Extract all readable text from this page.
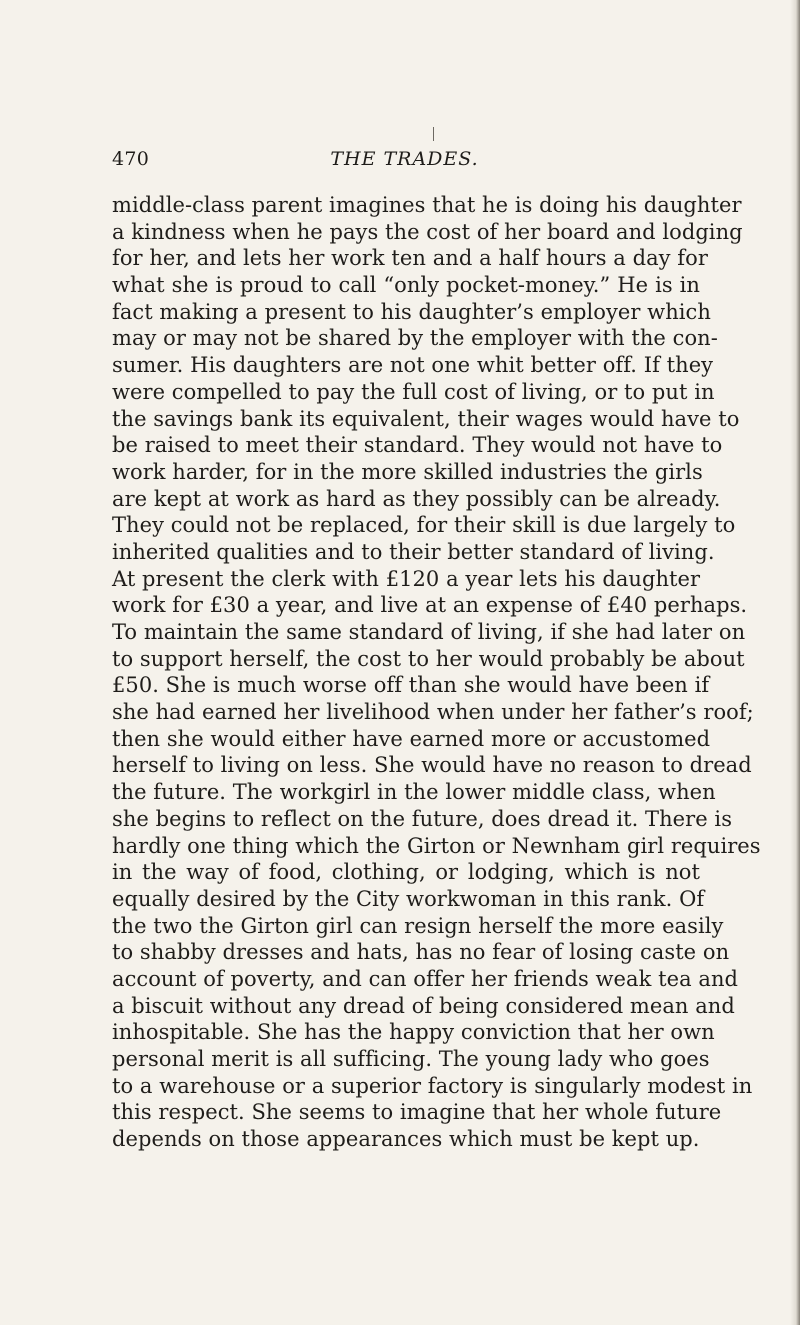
470	THE TRADES.
middle-class parent imagines that he is doing his daughter
a kindness when he pays the cost of her board and lodging
for her, and lets her work ten and a half hours a day for
what she is proud to call “only pocket-money.” He is in
fact making a present to his daughter’s employer which
may or may not be shared by the employer with the con-
sumer. His daughters are not one whit better off. If they
were compelled to pay the full cost of living, or to put in
the savings bank its equivalent, their wages would have to
be raised to meet their standard. They would not have to
work harder, for in the more skilled industries the girls
are kept at work as hard as they possibly can be already.
They could not be replaced, for their skill is due largely to
inherited qualities and to their better standard of living.
At present the clerk with £120 a year lets his daughter
work for £30 a year, and live at an expense of £40 perhaps.
To maintain the same standard of living, if she had later on
to support herself, the cost to her would probably be about
£50. She is much worse off than she would have been if
she had earned her livelihood when under her father’s roof;
then she would either have earned more or accustomed
herself to living on less. She would have no reason to dread
the future. The workgirl in the lower middle class, when
she begins to reflect on the future, does dread it. There is
hardly one thing which the Girton or Newnham girl requires
in the way of food, clothing, or lodging, which is not
equally desired by the City workwoman in this rank. Of
the two the Girton girl can resign herself the more easily
to shabby dresses and hats, has no fear of losing caste on
account of poverty, and can offer her friends weak tea and
a biscuit without any dread of being considered mean and
inhospitable. She has the happy conviction that her own
personal merit is all sufficing. The young lady who goes
to a warehouse or a superior factory is singularly modest in
this respect. She seems to imagine that her whole future
depends on those appearances which must be kept up.
